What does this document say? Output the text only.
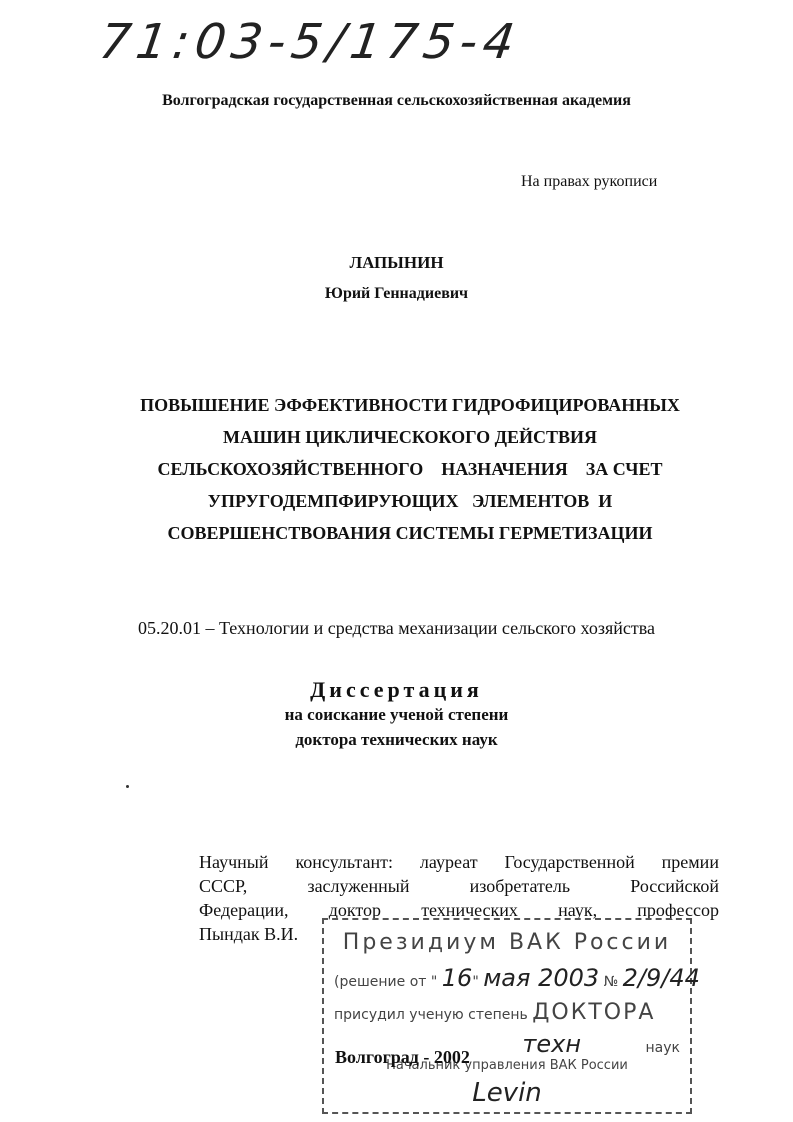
71:03-5/175-4
Волгоградская государственная сельскохозяйственная академия
На правах рукописи
ЛАПЫНИН
Юрий Геннадиевич
ПОВЫШЕНИЕ ЭФФЕКТИВНОСТИ ГИДРОФИЦИРОВАННЫХ
МАШИН ЦИКЛИЧЕСКОКОГО ДЕЙСТВИЯ
СЕЛЬСКОХОЗЯЙСТВЕННОГО    НАЗНАЧЕНИЯ    ЗА СЧЕТ
УПРУГОДЕМПФИРУЮЩИХ   ЭЛЕМЕНТОВ  И
СОВЕРШЕНСТВОВАНИЯ СИСТЕМЫ ГЕРМЕТИЗАЦИИ
05.20.01 – Технологии и средства механизации сельского хозяйства
Диссертация
на соискание ученой степени
доктора технических наук
Научный консультант: лауреат Государственной премии
СССР,	заслуженный	изобретатель	Российской
Федерации, доктор технических наук, профессор
Пындак В.И.	Президиум ВАК России
(решение от " 16" мая 2003 № 2/9/44
присудил ученую степень ДОКТОРА
техн	наук
Начальник управления ВАК России
Levin
Волгоград - 2002
